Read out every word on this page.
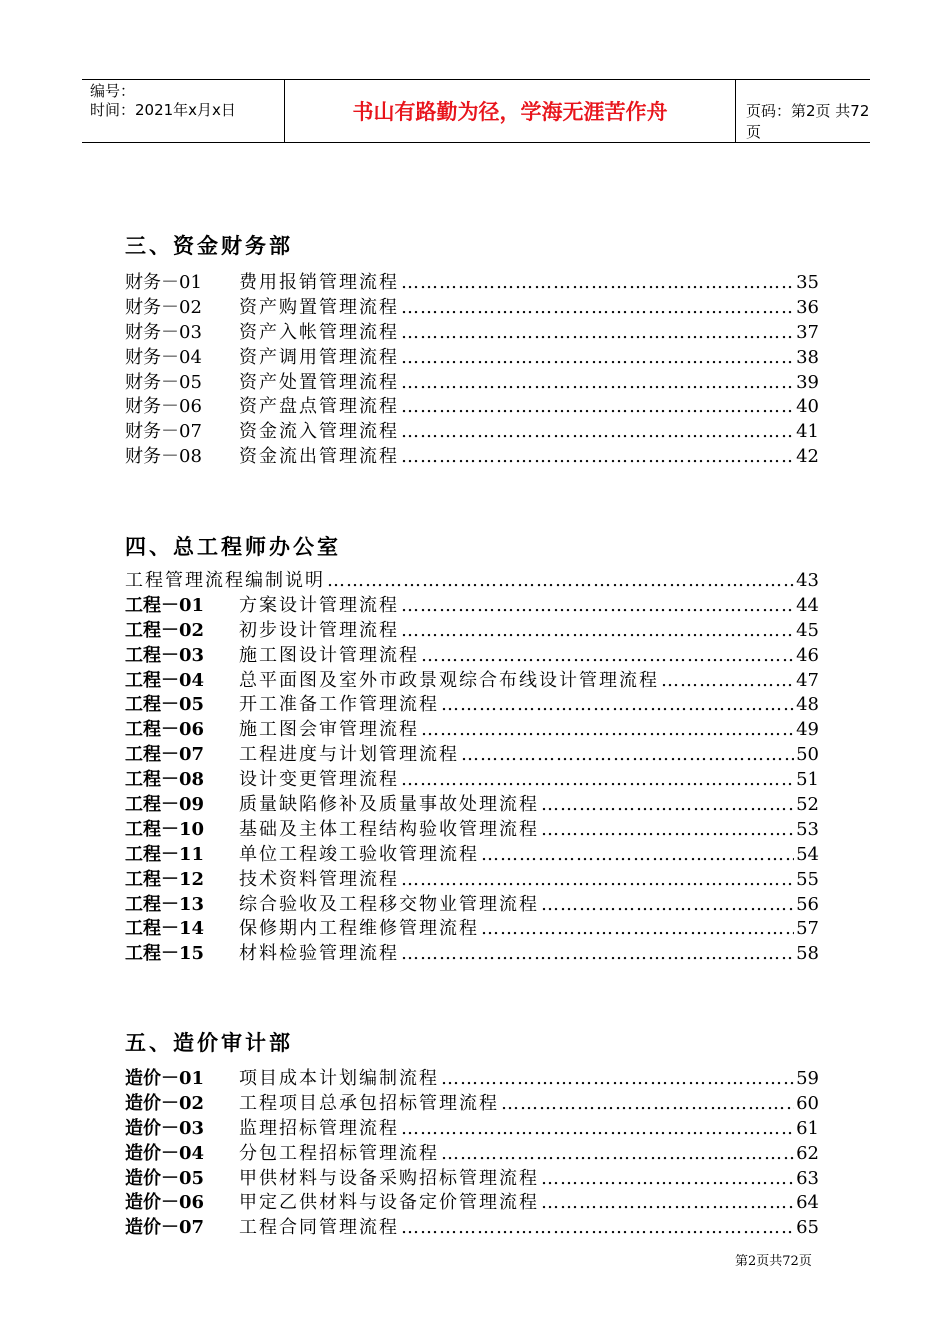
编号：
时间：2021年x月x日	书山有路勤为径，学海无涯苦作舟	页码：第2页 共72页
三、资金财务部
财务－01	费用报销管理流程 …………………………………………………………………………………………………………………………………………………………………………	35
财务－02	资产购置管理流程 …………………………………………………………………………………………………………………………………………………………………………	36
财务－03	资产入帐管理流程 …………………………………………………………………………………………………………………………………………………………………………	37
财务－04	资产调用管理流程 …………………………………………………………………………………………………………………………………………………………………………	38
财务－05	资产处置管理流程 …………………………………………………………………………………………………………………………………………………………………………	39
财务－06	资产盘点管理流程 …………………………………………………………………………………………………………………………………………………………………………	40
财务－07	资金流入管理流程 …………………………………………………………………………………………………………………………………………………………………………	41
财务－08	资金流出管理流程 …………………………………………………………………………………………………………………………………………………………………………	42
四、总工程师办公室
工程管理流程编制说明 …………………………………………………………………………………………………………………………………………………………………………	43
工程－01	方案设计管理流程 …………………………………………………………………………………………………………………………………………………………………………	44
工程－02	初步设计管理流程 …………………………………………………………………………………………………………………………………………………………………………	45
工程－03	施工图设计管理流程 …………………………………………………………………………………………………………………………………………………………………………	46
工程－04	总平面图及室外市政景观综合布线设计管理流程 …………………………………………………………………………………………………………………………………………………………………………	47
工程－05	开工准备工作管理流程 …………………………………………………………………………………………………………………………………………………………………………	48
工程－06	施工图会审管理流程 …………………………………………………………………………………………………………………………………………………………………………	49
工程－07	工程进度与计划管理流程 …………………………………………………………………………………………………………………………………………………………………………	50
工程－08	设计变更管理流程 …………………………………………………………………………………………………………………………………………………………………………	51
工程－09	质量缺陷修补及质量事故处理流程 …………………………………………………………………………………………………………………………………………………………………………	52
工程－10	基础及主体工程结构验收管理流程 …………………………………………………………………………………………………………………………………………………………………………	53
工程－11	单位工程竣工验收管理流程 …………………………………………………………………………………………………………………………………………………………………………	54
工程－12	技术资料管理流程 …………………………………………………………………………………………………………………………………………………………………………	55
工程－13	综合验收及工程移交物业管理流程 …………………………………………………………………………………………………………………………………………………………………………	56
工程－14	保修期内工程维修管理流程 …………………………………………………………………………………………………………………………………………………………………………	57
工程－15	材料检验管理流程 …………………………………………………………………………………………………………………………………………………………………………	58
五、造价审计部
造价－01	项目成本计划编制流程 …………………………………………………………………………………………………………………………………………………………………………	59
造价－02	工程项目总承包招标管理流程 …………………………………………………………………………………………………………………………………………………………………………	60
造价－03	监理招标管理流程 …………………………………………………………………………………………………………………………………………………………………………	61
造价－04	分包工程招标管理流程 …………………………………………………………………………………………………………………………………………………………………………	62
造价－05	甲供材料与设备采购招标管理流程 …………………………………………………………………………………………………………………………………………………………………………	63
造价－06	甲定乙供材料与设备定价管理流程 …………………………………………………………………………………………………………………………………………………………………………	64
造价－07	工程合同管理流程 …………………………………………………………………………………………………………………………………………………………………………	65
第2页共72页
